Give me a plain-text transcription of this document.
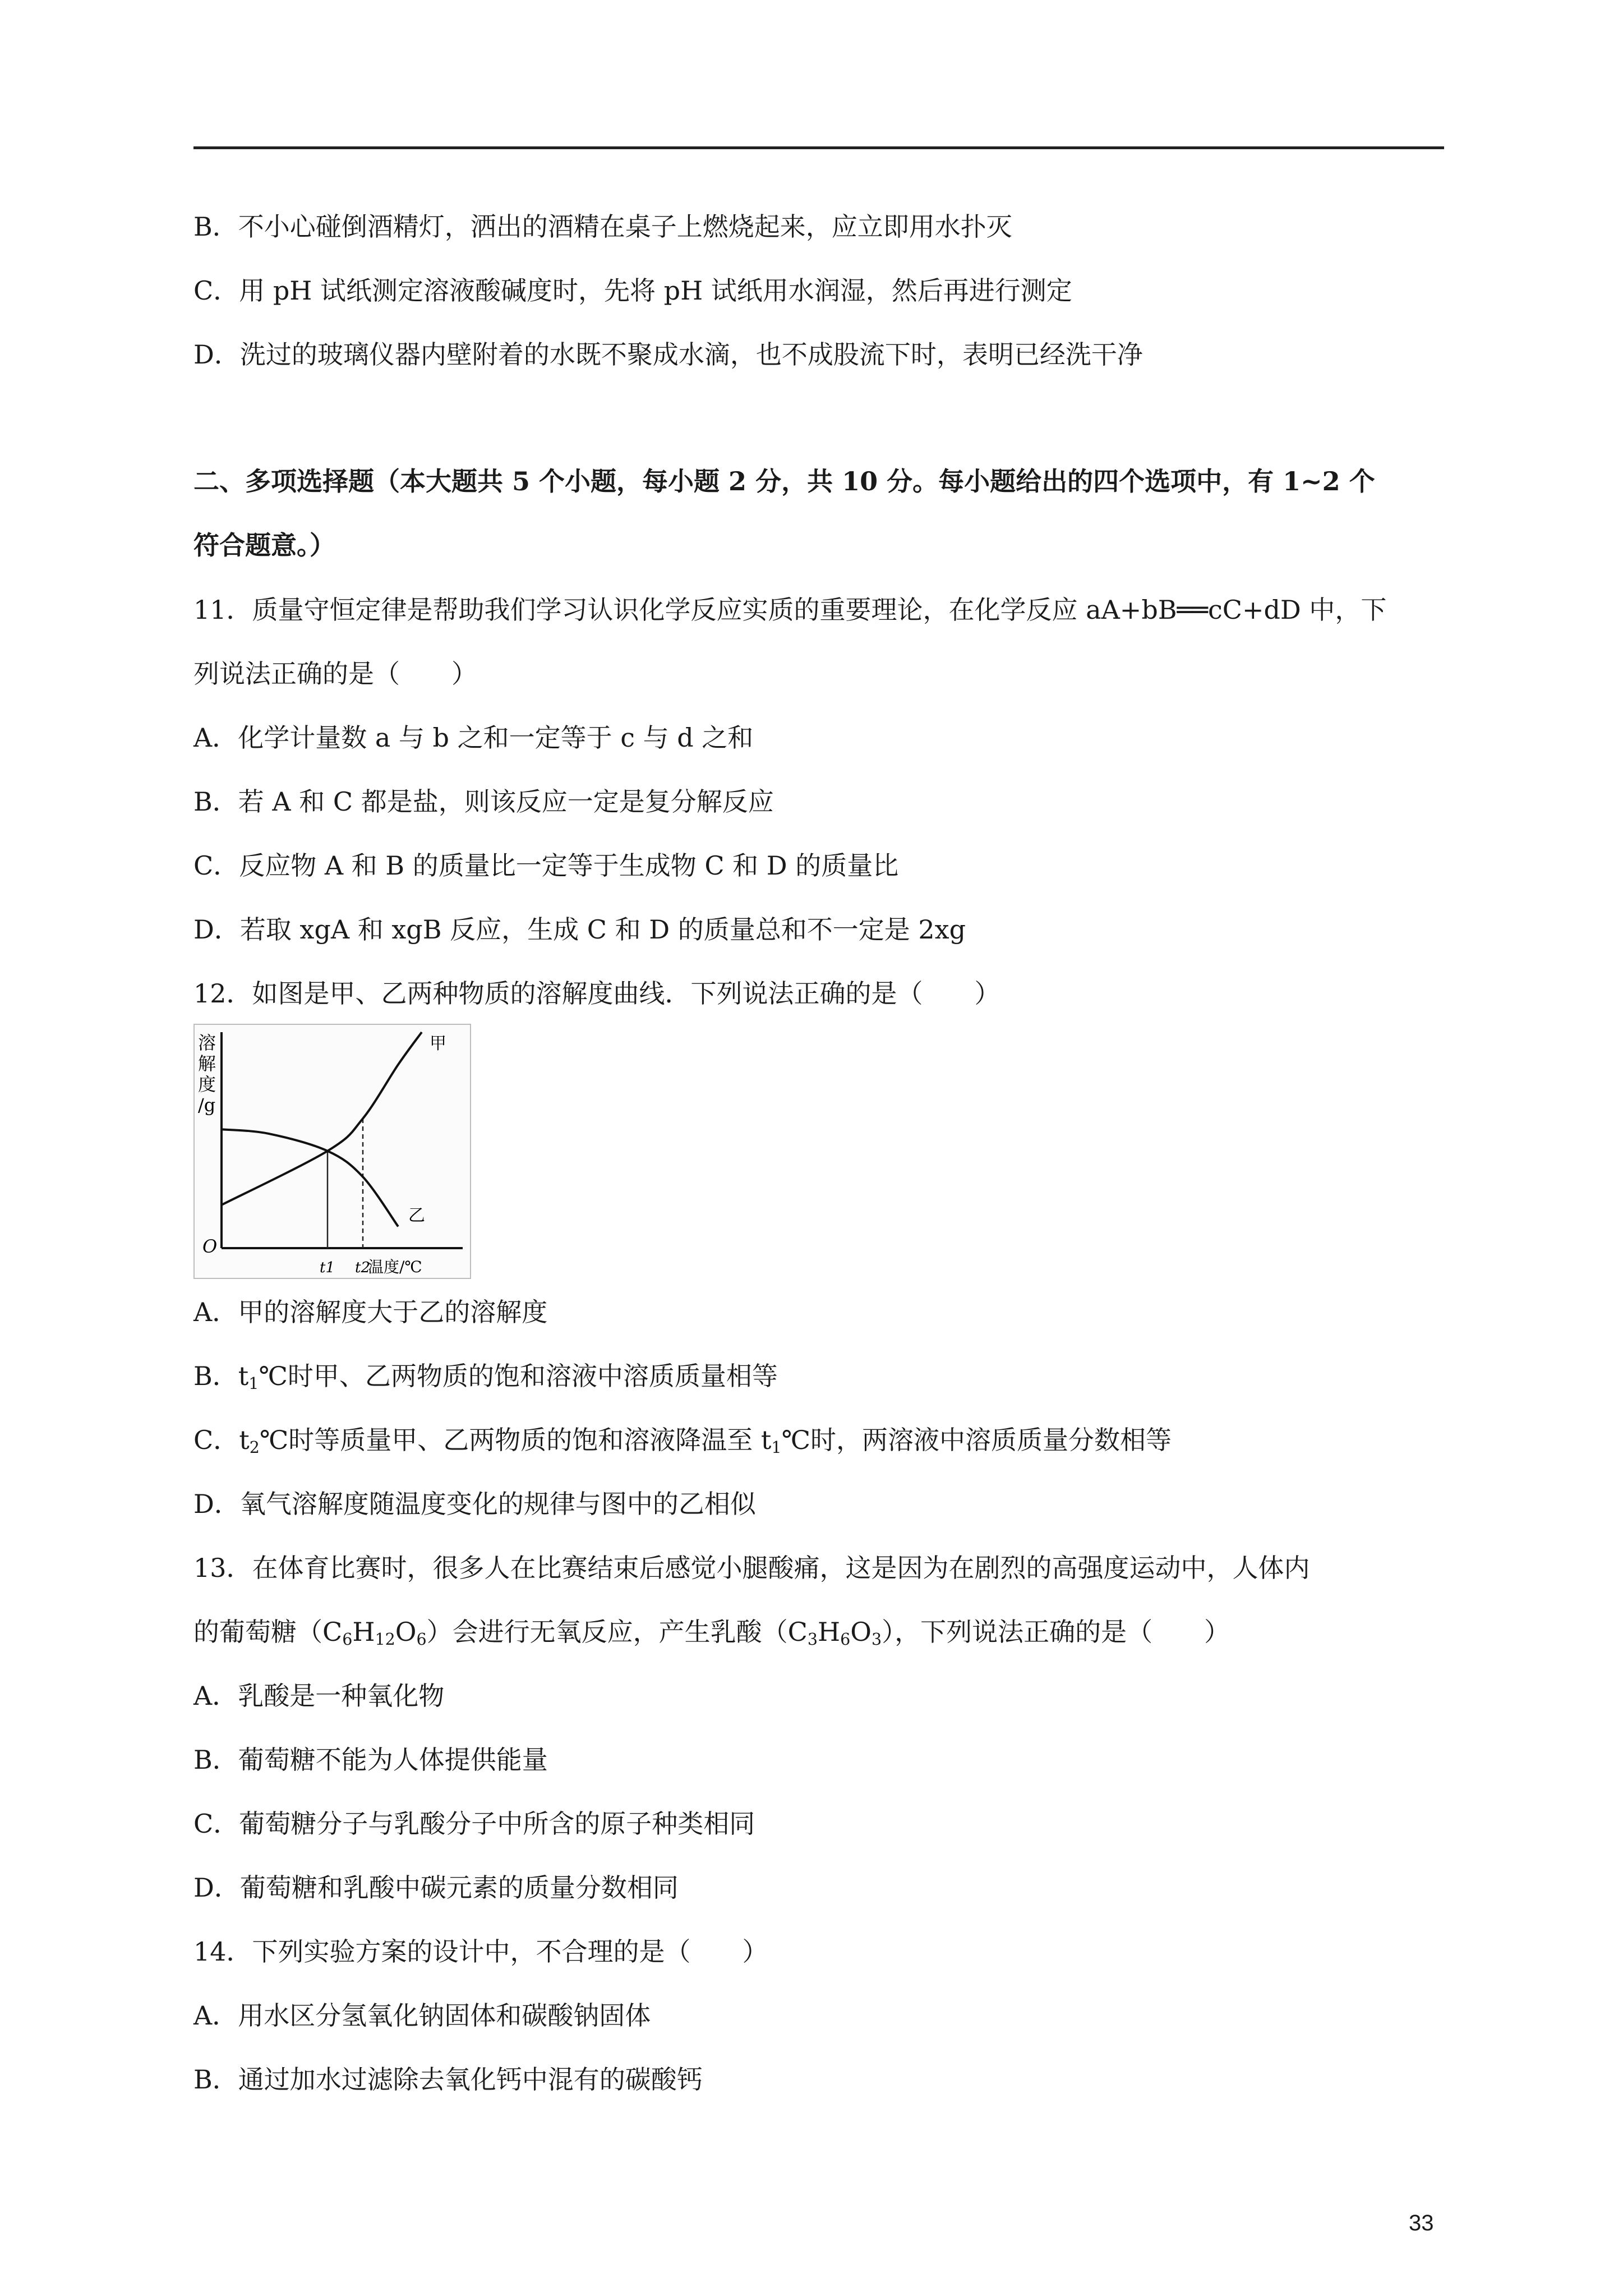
B．不小心碰倒酒精灯，洒出的酒精在桌子上燃烧起来，应立即用水扑灭
C．用 pH 试纸测定溶液酸碱度时，先将 pH 试纸用水润湿，然后再进行测定
D．洗过的玻璃仪器内壁附着的水既不聚成水滴，也不成股流下时，表明已经洗干净
二、多项选择题（本大题共 5 个小题，每小题 2 分，共 10 分。每小题给出的四个选项中，有 1~2 个
符合题意。）
11．质量守恒定律是帮助我们学习认识化学反应实质的重要理论，在化学反应 aA+bB══cC+dD 中，下
列说法正确的是（　　）
A．化学计量数 a 与 b 之和一定等于 c 与 d 之和
B．若 A 和 C 都是盐，则该反应一定是复分解反应
C．反应物 A 和 B 的质量比一定等于生成物 C 和 D 的质量比
D．若取 xgA 和 xgB 反应，生成 C 和 D 的质量总和不一定是 2xg
12．如图是甲、乙两种物质的溶解度曲线．下列说法正确的是（　　）
溶
解
度
/g
O
t1 t2
甲
乙
温度/℃
A．甲的溶解度大于乙的溶解度
B．$t_1℃$时甲、乙两物质的饱和溶液中溶质质量相等
C．$t_2℃$时等质量甲、乙两物质的饱和溶液降温至 $t_1℃$时，两溶液中溶质质量分数相等
D．氧气溶解度随温度变化的规律与图中的乙相似
13．在体育比赛时，很多人在比赛结束后感觉小腿酸痛，这是因为在剧烈的高强度运动中，人体内
的葡萄糖$(C_6H_{12}O_6)$会进行无氧反应，产生乳酸$(C_3H_6O_3)$，下列说法正确的是（　　）
A．乳酸是一种氧化物
B．葡萄糖不能为人体提供能量
C．葡萄糖分子与乳酸分子中所含的原子种类相同
D．葡萄糖和乳酸中碳元素的质量分数相同
14．下列实验方案的设计中，不合理的是（　　）
A．用水区分氢氧化钠固体和碳酸钠固体
B．通过加水过滤除去氧化钙中混有的碳酸钙
33
